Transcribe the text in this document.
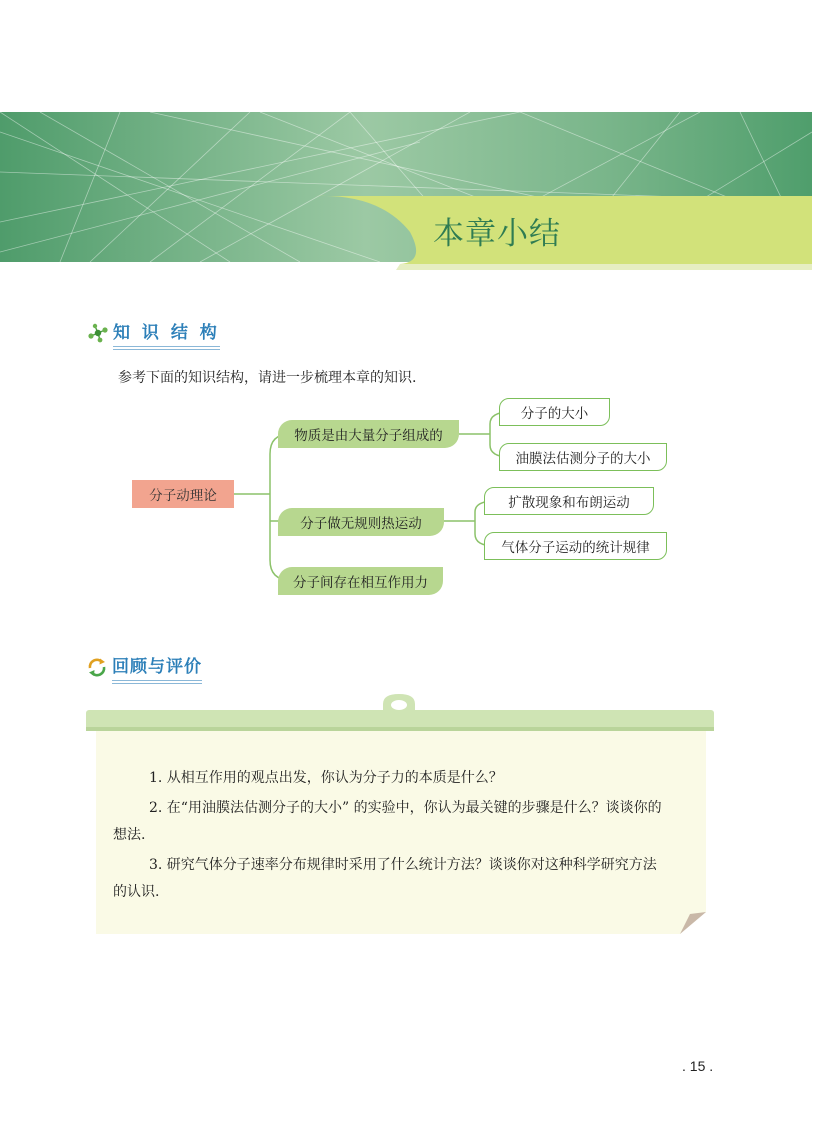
本章小结
知 识 结 构
参考下面的知识结构，请进一步梳理本章的知识.
分子动理论
物质是由大量分子组成的
分子做无规则热运动
分子间存在相互作用力
分子的大小
油膜法估测分子的大小
扩散现象和布朗运动
气体分子运动的统计规律
回顾与评价

1. 从相互作用的观点出发，你认为分子力的本质是什么？

2. 在“用油膜法估测分子的大小” 的实验中，你认为最关键的步骤是什么？谈谈你的想法.

3. 研究气体分子速率分布规律时采用了什么统计方法？谈谈你对这种科学研究方法的认识.

. 15 .
